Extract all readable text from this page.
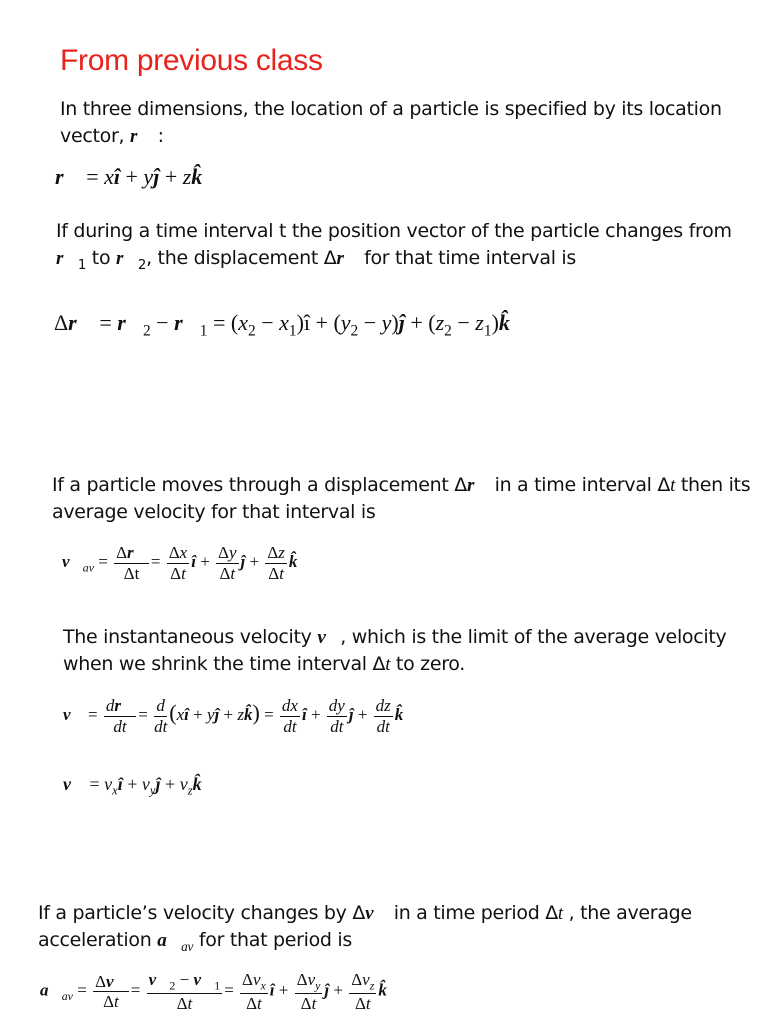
From previous class
In three dimensions, the location of a particle is specified by its location
vector, r⃗ :
r⃗ = xî + yĵ + zk̂
If during a time interval t the position vector of the particle changes from
$r⃗_1$ to $r⃗_2$, the displacement Δr⃗ for that time interval is
Δr⃗ = $r⃗_2$ − $r⃗_1 = (x_2$ − $x_1)î + (y_2$ − y)ĵ + ($z_2$ − $z_1)k̂$
If a particle moves through a displacement Δr⃗ in a time interval Δt then its
average velocity for that interval is
$v⃗_{av} = \frac{\Delta r⃗}{\Delta t} = \frac{\Delta x}{\Delta t}$ î + $\frac{\Delta y}{\Delta t}$ ĵ + $\frac{\Delta z}{\Delta t}$ k̂
The instantaneous velocity v⃗, which is the limit of the average velocity
when we shrink the time interval Δt to zero.
v⃗ = $\frac{dr⃗}{dt} = \frac{d}{dt}$ (xî + yĵ + zk̂) = $\frac{dx}{dt}$ î + $\frac{dy}{dt}$ ĵ + $\frac{dz}{dt}$ k̂
v⃗ = $v_xî$ + $v_yĵ$ + $v_zk̂$
If a particle’s velocity changes by Δv⃗ in a time period Δt , the average
acceleration $a⃗_{av}$ for that period is
$a⃗_{av} = \frac{\Delta v⃗}{\Delta t} = \frac{v⃗_2 - v⃗_1}{\Delta t} = \frac{\Delta v_x}{\Delta t}$ î + $\frac{\Delta v_y}{\Delta t}$ ĵ + $\frac{\Delta v_z}{\Delta t}$ k̂
